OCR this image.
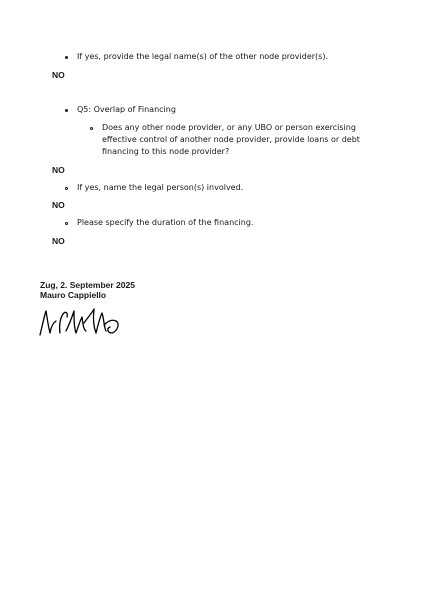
If yes, provide the legal name(s) of the other node provider(s).
NO
Q5: Overlap of Financing
Does any other node provider, or any UBO or person exercising effective control of another node provider, provide loans or debt financing to this node provider?
NO
If yes, name the legal person(s) involved.
NO
Please specify the duration of the financing.
NO
Zug, 2. September 2025
Mauro Cappiello
